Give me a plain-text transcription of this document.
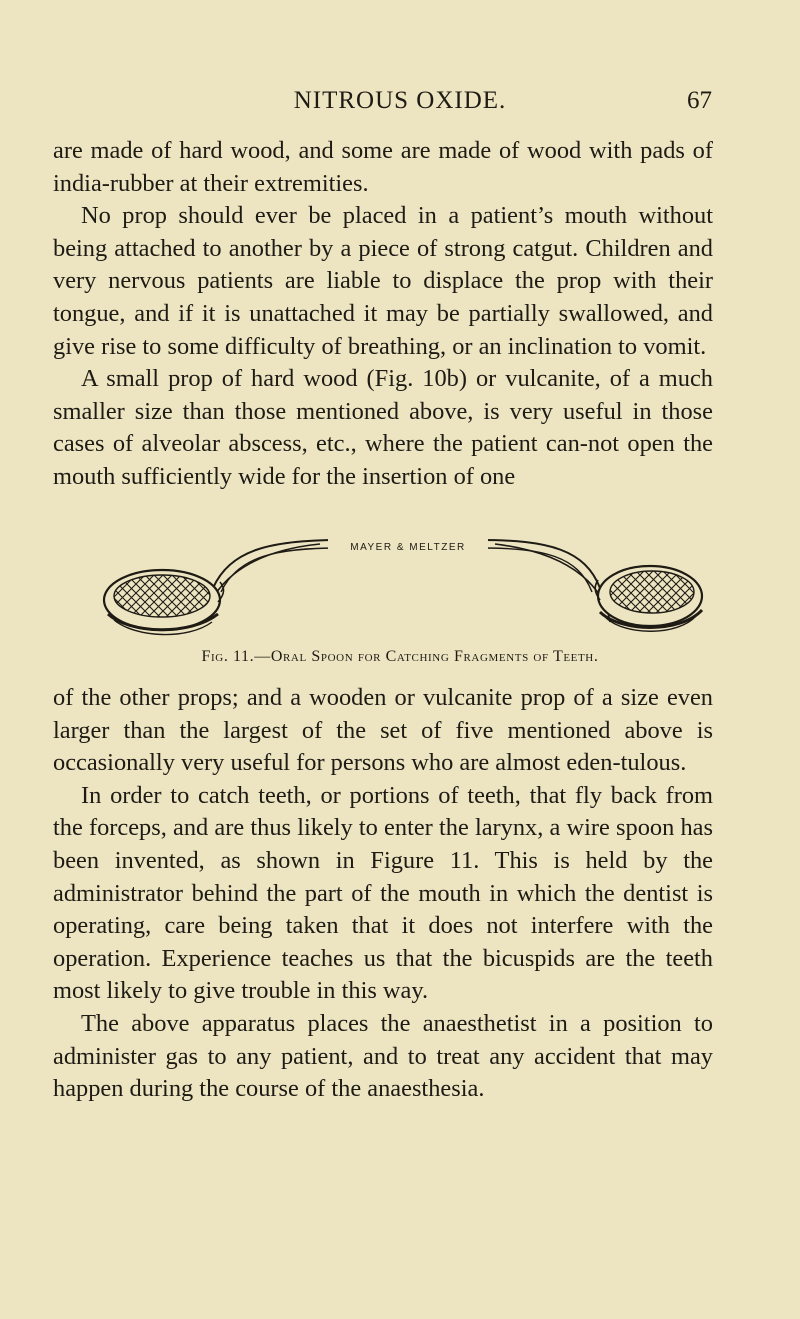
NITROUS OXIDE.	67

are made of hard wood, and some are made of wood with pads of india-rubber at their extremities.

No prop should ever be placed in a patient’s mouth without being attached to another by a piece of strong catgut. Children and very nervous patients are liable to displace the prop with their tongue, and if it is unattached it may be partially swallowed, and give rise to some difficulty of breathing, or an inclination to vomit.

A small prop of hard wood (Fig. 10b) or vulcanite, of a much smaller size than those mentioned above, is very useful in those cases of alveolar abscess, etc., where the patient can-not open the mouth sufficiently wide for the insertion of one

MAYER & MELTZER
Fig. 11.—Oral Spoon for Catching Fragments of Teeth.

of the other props; and a wooden or vulcanite prop of a size even larger than the largest of the set of five mentioned above is occasionally very useful for persons who are almost eden-tulous.

In order to catch teeth, or portions of teeth, that fly back from the forceps, and are thus likely to enter the larynx, a wire spoon has been invented, as shown in Figure 11. This is held by the administrator behind the part of the mouth in which the dentist is operating, care being taken that it does not interfere with the operation. Experience teaches us that the bicuspids are the teeth most likely to give trouble in this way.

The above apparatus places the anaesthetist in a position to administer gas to any patient, and to treat any accident that may happen during the course of the anaesthesia.
